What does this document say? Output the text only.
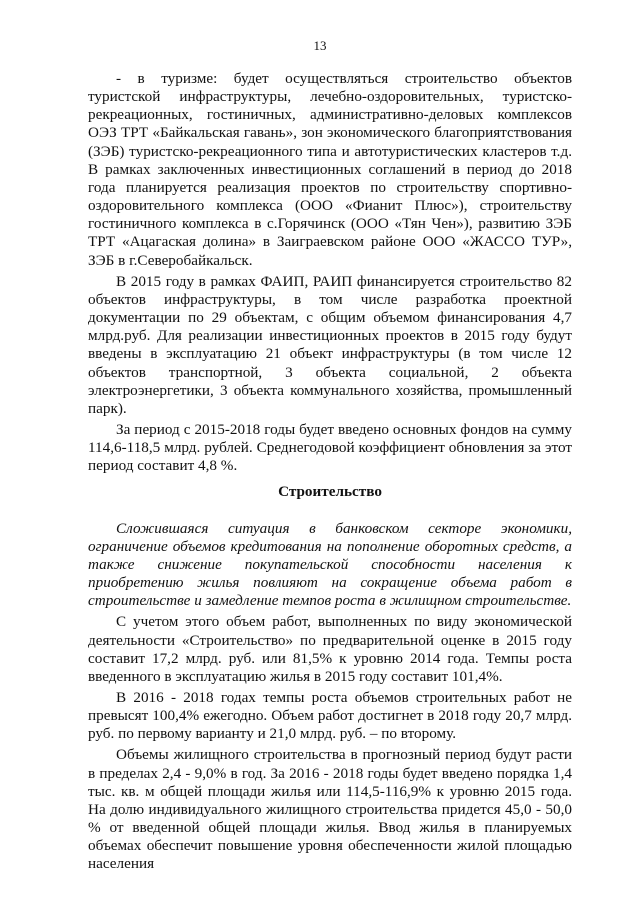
13

- в туризме: будет осуществляться строительство объектов туристской инфраструктуры, лечебно-оздоровительных, туристско-рекреационных, гостиничных, административно-деловых комплексов ОЭЗ ТРТ «Байкальская гавань», зон экономического благоприятствования (ЗЭБ) туристско-рекреационного типа и автотуристических кластеров т.д. В рамках заключенных инвестиционных соглашений в период до 2018 года планируется реализация проектов по строительству спортивно-оздоровительного комплекса (ООО «Фианит Плюс»), строительству гостиничного комплекса в с.Горячинск (ООО «Тян Чен»), развитию ЗЭБ ТРТ «Ацагаская долина» в Заиграевском районе ООО «ЖАССО ТУР», ЗЭБ в г.Северобайкальск.

В 2015 году в рамках ФАИП, РАИП финансируется строительство 82 объектов инфраструктуры, в том числе разработка проектной документации по 29 объектам, с общим объемом финансирования 4,7 млрд.руб. Для реализации инвестиционных проектов в 2015 году будут введены в эксплуатацию 21 объект инфраструктуры (в том числе 12 объектов транспортной, 3 объекта социальной, 2 объекта электроэнергетики, 3 объекта коммунального хозяйства, промышленный парк).

За период с 2015-2018 годы будет введено основных фондов на сумму 114,6-118,5 млрд. рублей. Среднегодовой коэффициент обновления за этот период составит 4,8 %.

Строительство

Сложившаяся ситуация в банковском секторе экономики, ограничение объемов кредитования на пополнение оборотных средств, а также снижение покупательской способности населения к приобретению жилья повлияют на сокращение объема работ в строительстве и замедление темпов роста в жилищном строительстве.

С учетом этого объем работ, выполненных по виду экономической деятельности «Строительство» по предварительной оценке в 2015 году составит 17,2 млрд. руб. или 81,5% к уровню 2014 года. Темпы роста введенного в эксплуатацию жилья в 2015 году составит 101,4%.

В 2016 - 2018 годах темпы роста объемов строительных работ не превысят 100,4% ежегодно. Объем работ достигнет в 2018 году 20,7 млрд. руб. по первому варианту и 21,0 млрд. руб. – по второму.

Объемы жилищного строительства в прогнозный период будут расти в пределах 2,4 - 9,0% в год. За 2016 - 2018 годы будет введено порядка 1,4 тыс. кв. м общей площади жилья или 114,5-116,9% к уровню 2015 года. На долю индивидуального жилищного строительства придется 45,0 - 50,0 % от введенной общей площади жилья. Ввод жилья в планируемых объемах обеспечит повышение уровня обеспеченности жилой площадью населения
